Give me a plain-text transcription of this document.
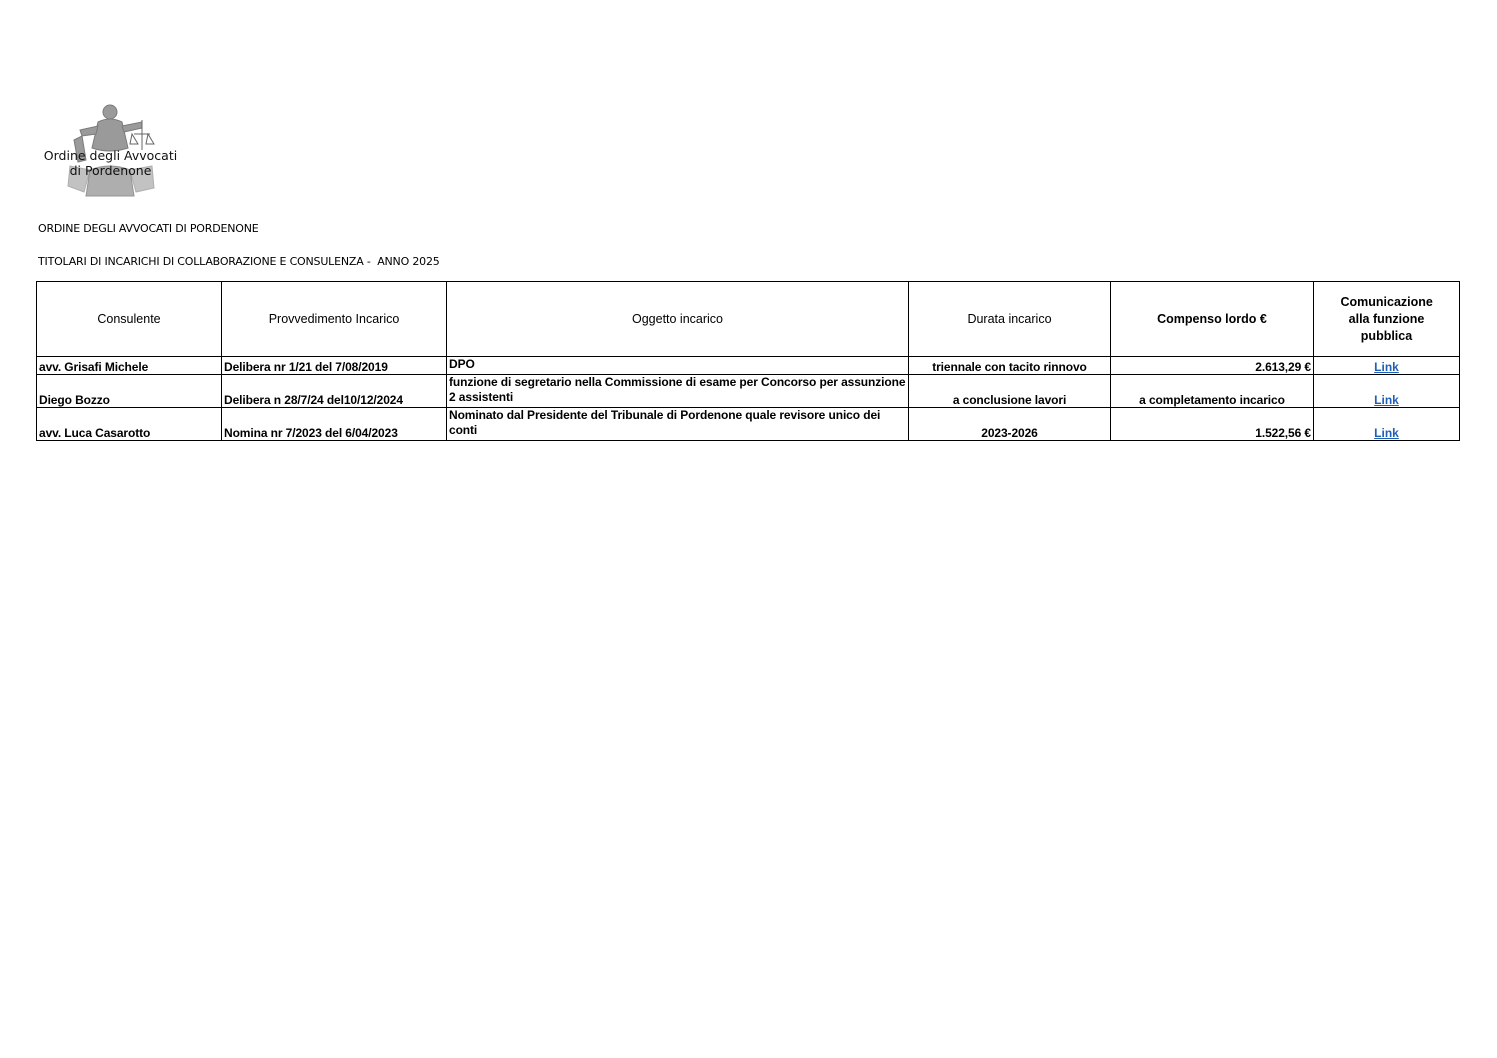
Ordine degli Avvocati
di Pordenone
ORDINE DEGLI AVVOCATI DI PORDENONE
TITOLARI DI INCARICHI DI COLLABORAZIONE E CONSULENZA -  ANNO 2025
Consulente	Provvedimento Incarico	Oggetto incarico	Durata incarico	Compenso lordo €	Comunicazione alla funzione pubblica

avv. Grisafi Michele	Delibera nr 1/21 del 7/08/2019	DPO	triennale con tacito rinnovo	2.613,29 €	Link
Diego Bozzo	Delibera n 28/7/24 del10/12/2024	funzione di segretario nella Commissione di esame per Concorso per assunzione 2 assistenti	a conclusione lavori	a completamento incarico	Link
avv. Luca Casarotto	Nomina nr 7/2023 del 6/04/2023	Nominato dal Presidente del Tribunale di Pordenone quale revisore unico dei conti	2023-2026	1.522,56 €	Link
